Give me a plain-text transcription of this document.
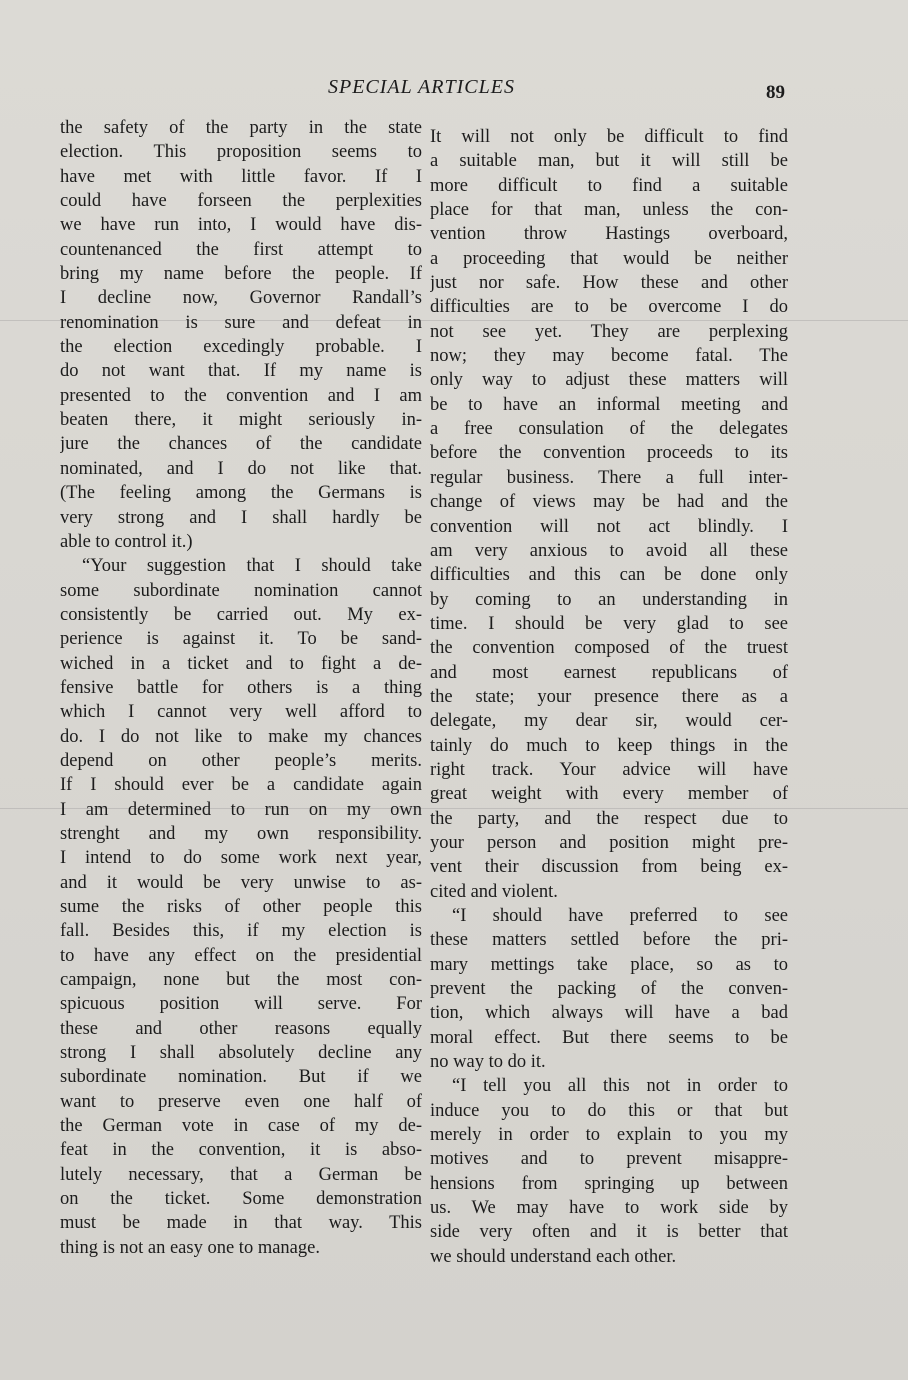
SPECIAL ARTICLES	89
the safety of the party in the state
election. This proposition seems to
have met with little favor. If I
could have forseen the perplexities
we have run into, I would have dis-
countenanced the first attempt to
bring my name before the people. If
I decline now, Governor Randall’s
renomination is sure and defeat in
the election excedingly probable. I
do not want that. If my name is
presented to the convention and I am
beaten there, it might seriously in-
jure the chances of the candidate
nominated, and I do not like that.
(The feeling among the Germans is
very strong and I shall hardly be
able to control it.)
“Your suggestion that I should take
some subordinate nomination cannot
consistently be carried out. My ex-
perience is against it. To be sand-
wiched in a ticket and to fight a de-
fensive battle for others is a thing
which I cannot very well afford to
do. I do not like to make my chances
depend on other people’s merits.
If I should ever be a candidate again
I am determined to run on my own
strenght and my own responsibility.
I intend to do some work next year,
and it would be very unwise to as-
sume the risks of other people this
fall. Besides this, if my election is
to have any effect on the presidential
campaign, none but the most con-
spicuous position will serve. For
these and other reasons equally
strong I shall absolutely decline any
subordinate nomination. But if we
want to preserve even one half of
the German vote in case of my de-
feat in the convention, it is abso-
lutely necessary, that a German be
on the ticket. Some demonstration
must be made in that way. This
thing is not an easy one to manage.
It will not only be difficult to find
a suitable man, but it will still be
more difficult to find a suitable
place for that man, unless the con-
vention throw Hastings overboard,
a proceeding that would be neither
just nor safe. How these and other
difficulties are to be overcome I do
not see yet. They are perplexing
now; they may become fatal. The
only way to adjust these matters will
be to have an informal meeting and
a free consulation of the delegates
before the convention proceeds to its
regular business. There a full inter-
change of views may be had and the
convention will not act blindly. I
am very anxious to avoid all these
difficulties and this can be done only
by coming to an understanding in
time. I should be very glad to see
the convention composed of the truest
and most earnest republicans of
the state; your presence there as a
delegate, my dear sir, would cer-
tainly do much to keep things in the
right track. Your advice will have
great weight with every member of
the party, and the respect due to
your person and position might pre-
vent their discussion from being ex-
cited and violent.
“I should have preferred to see
these matters settled before the pri-
mary mettings take place, so as to
prevent the packing of the conven-
tion, which always will have a bad
moral effect. But there seems to be
no way to do it.
“I tell you all this not in order to
induce you to do this or that but
merely in order to explain to you my
motives and to prevent misappre-
hensions from springing up between
us. We may have to work side by
side very often and it is better that
we should understand each other.
